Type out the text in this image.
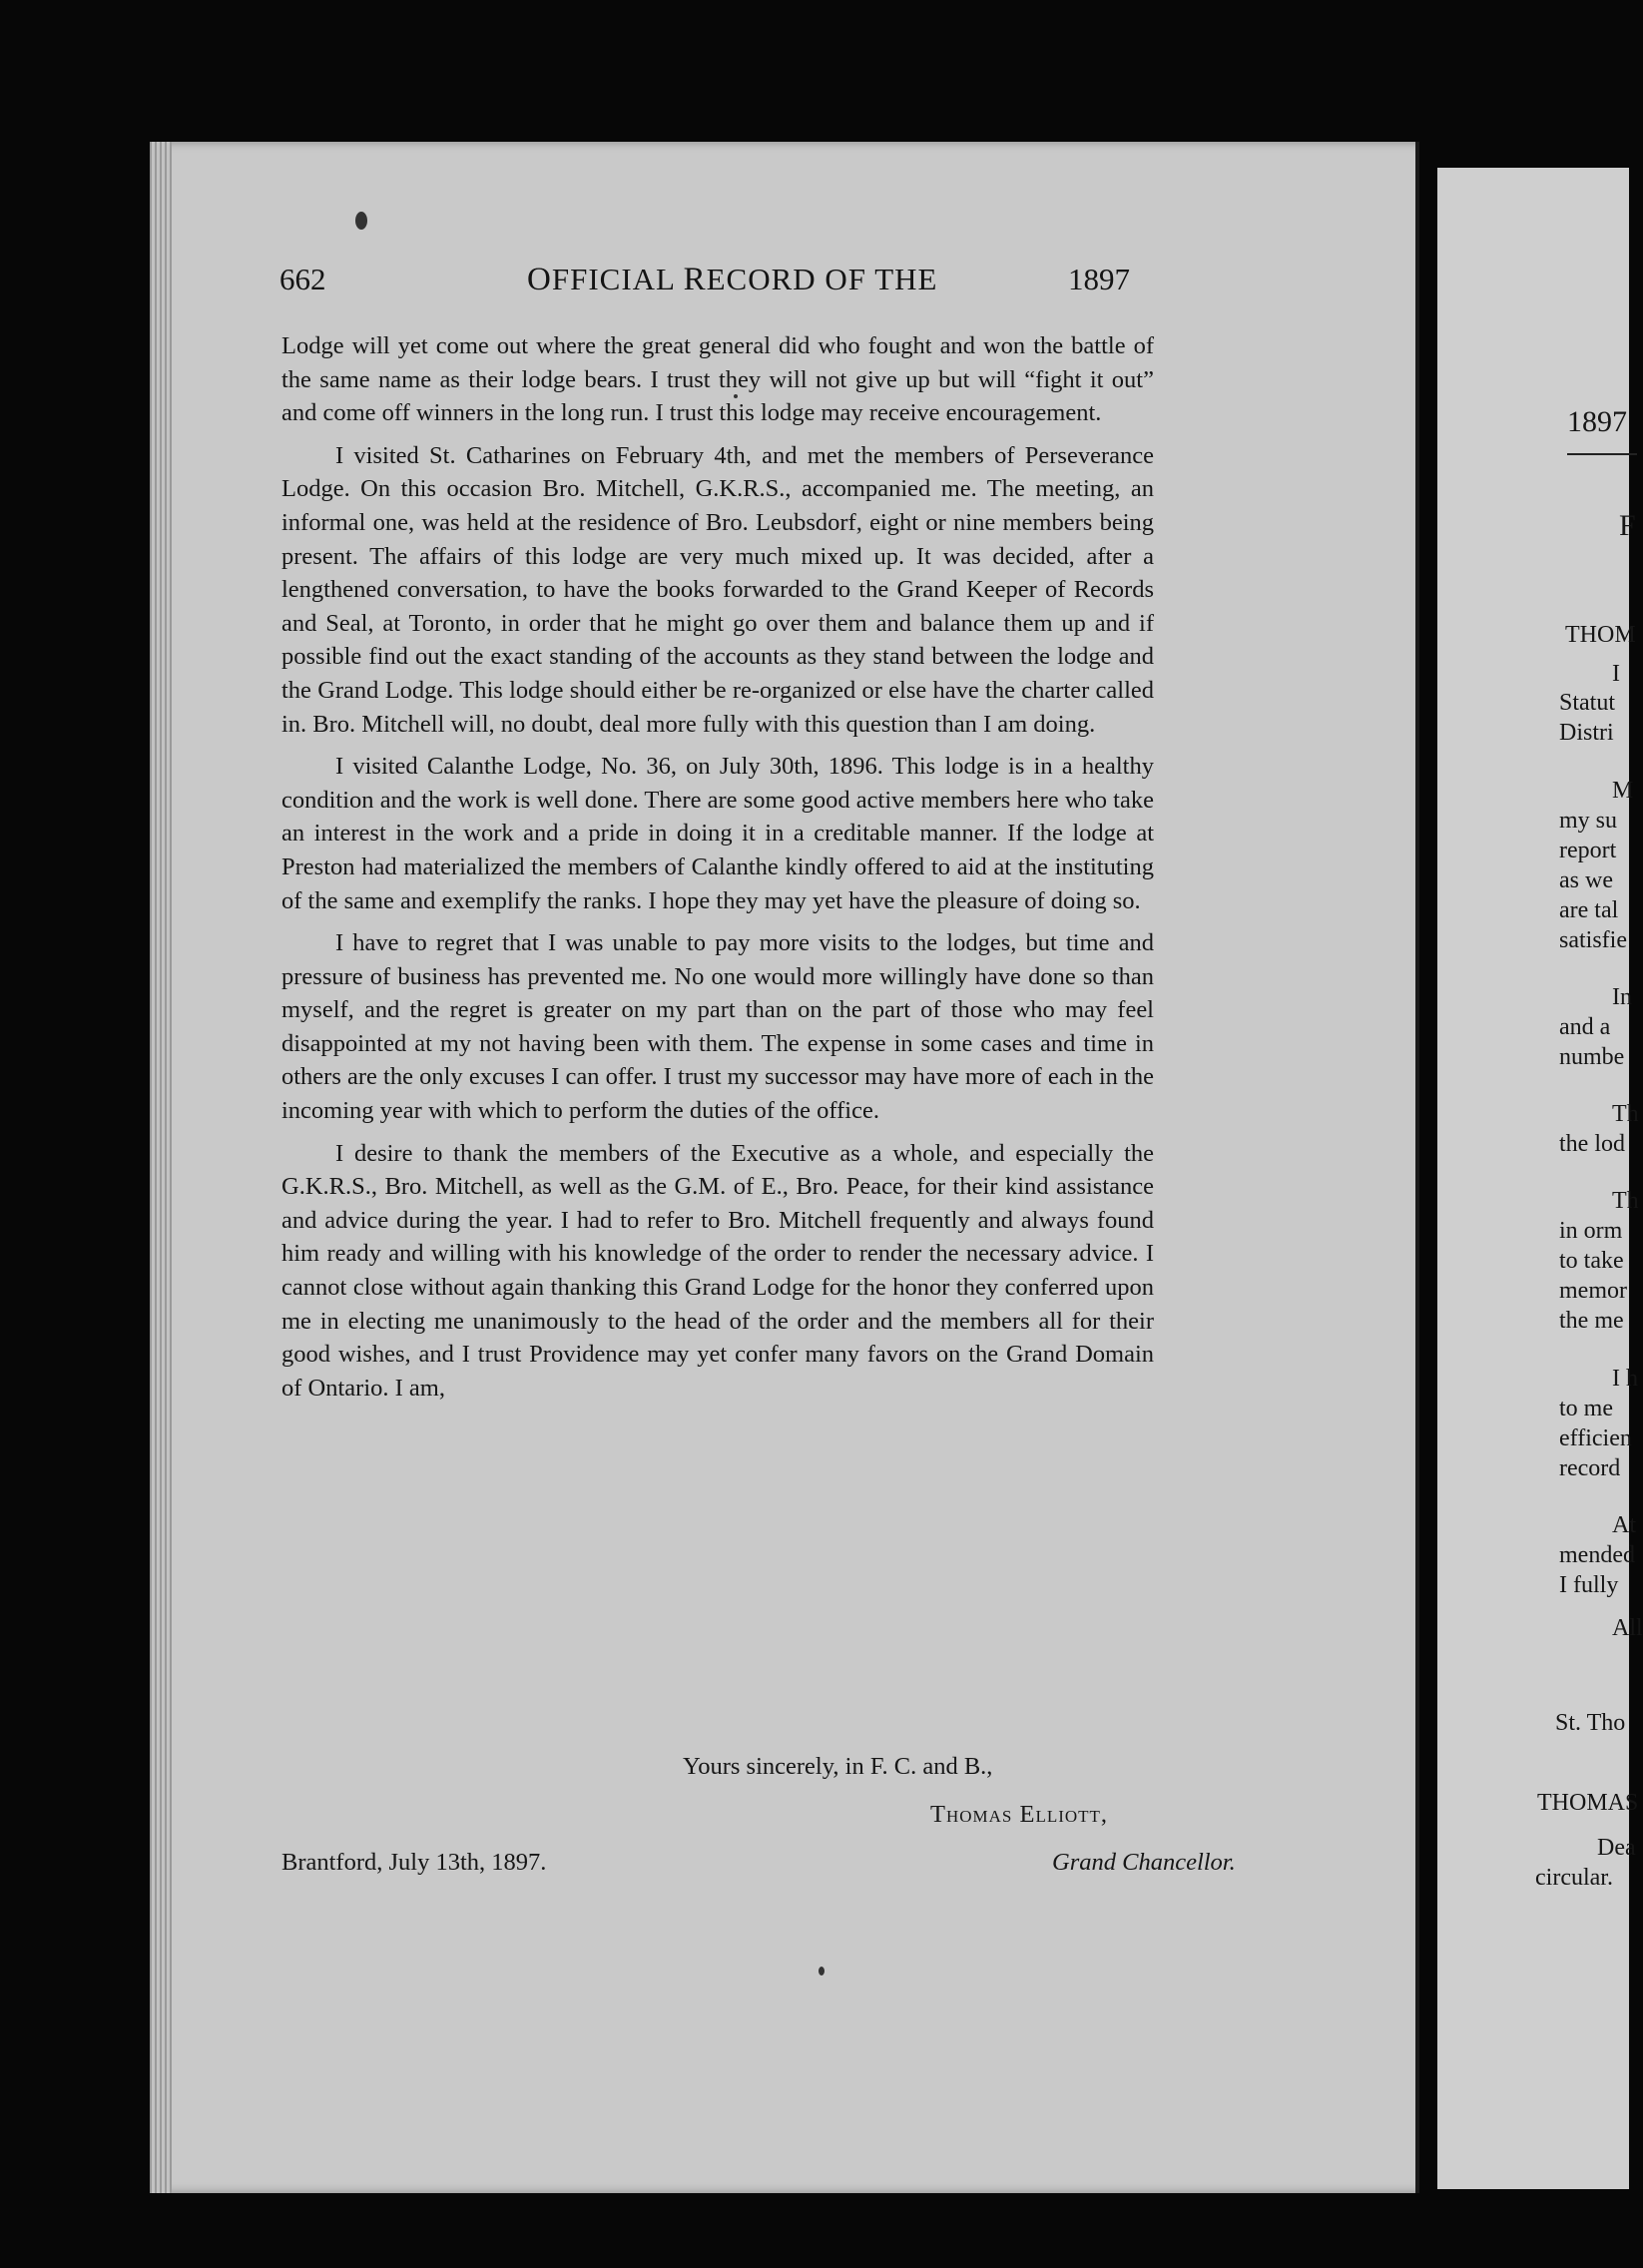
662	OFFICIAL RECORD OF THE	1897

Lodge will yet come out where the great general did who fought and won the battle of the same name as their lodge bears. I trust they will not give up but will “fight it out” and come off winners in the long run. I trust this lodge may receive encouragement.

I visited St. Catharines on February 4th, and met the members of Perseverance Lodge. On this occasion Bro. Mitchell, G.K.R.S., accompanied me. The meeting, an informal one, was held at the residence of Bro. Leubsdorf, eight or nine members being present. The affairs of this lodge are very much mixed up. It was decided, after a lengthened conversation, to have the books forwarded to the Grand Keeper of Records and Seal, at Toronto, in order that he might go over them and balance them up and if possible find out the exact standing of the accounts as they stand between the lodge and the Grand Lodge. This lodge should either be re-organized or else have the charter called in. Bro. Mitchell will, no doubt, deal more fully with this question than I am doing.

I visited Calanthe Lodge, No. 36, on July 30th, 1896. This lodge is in a healthy condition and the work is well done. There are some good active members here who take an interest in the work and a pride in doing it in a creditable manner. If the lodge at Preston had materialized the members of Calanthe kindly offered to aid at the instituting of the same and exemplify the ranks. I hope they may yet have the pleasure of doing so.

I have to regret that I was unable to pay more visits to the lodges, but time and pressure of business has prevented me. No one would more willingly have done so than myself, and the regret is greater on my part than on the part of those who may feel disappointed at my not having been with them. The expense in some cases and time in others are the only excuses I can offer. I trust my successor may have more of each in the incoming year with which to perform the duties of the office.

I desire to thank the members of the Executive as a whole, and especially the G.K.R.S., Bro. Mitchell, as well as the G.M. of E., Bro. Peace, for their kind assistance and advice during the year. I had to refer to Bro. Mitchell frequently and always found him ready and willing with his knowledge of the order to render the necessary advice. I cannot close without again thanking this Grand Lodge for the honor they conferred upon me in electing me unanimously to the head of the order and the members all for their good wishes, and I trust Providence may yet confer many favors on the Grand Domain of Ontario. I am,

Yours sincerely, in F. C. and B.,
Thomas Elliott,
Brantford, July 13th, 1897.	Grand Chancellor.
1897
F
THOM
I
Statut
Distri
M
my su
report
as we
are tal
satisfie
In
and a
numbe
Th
the lod
Th
in orm
to take
memor
the me
I h
to me
efficien
record
At
mended
I fully
All
St. Tho
THOMAS
Dea
circular.
